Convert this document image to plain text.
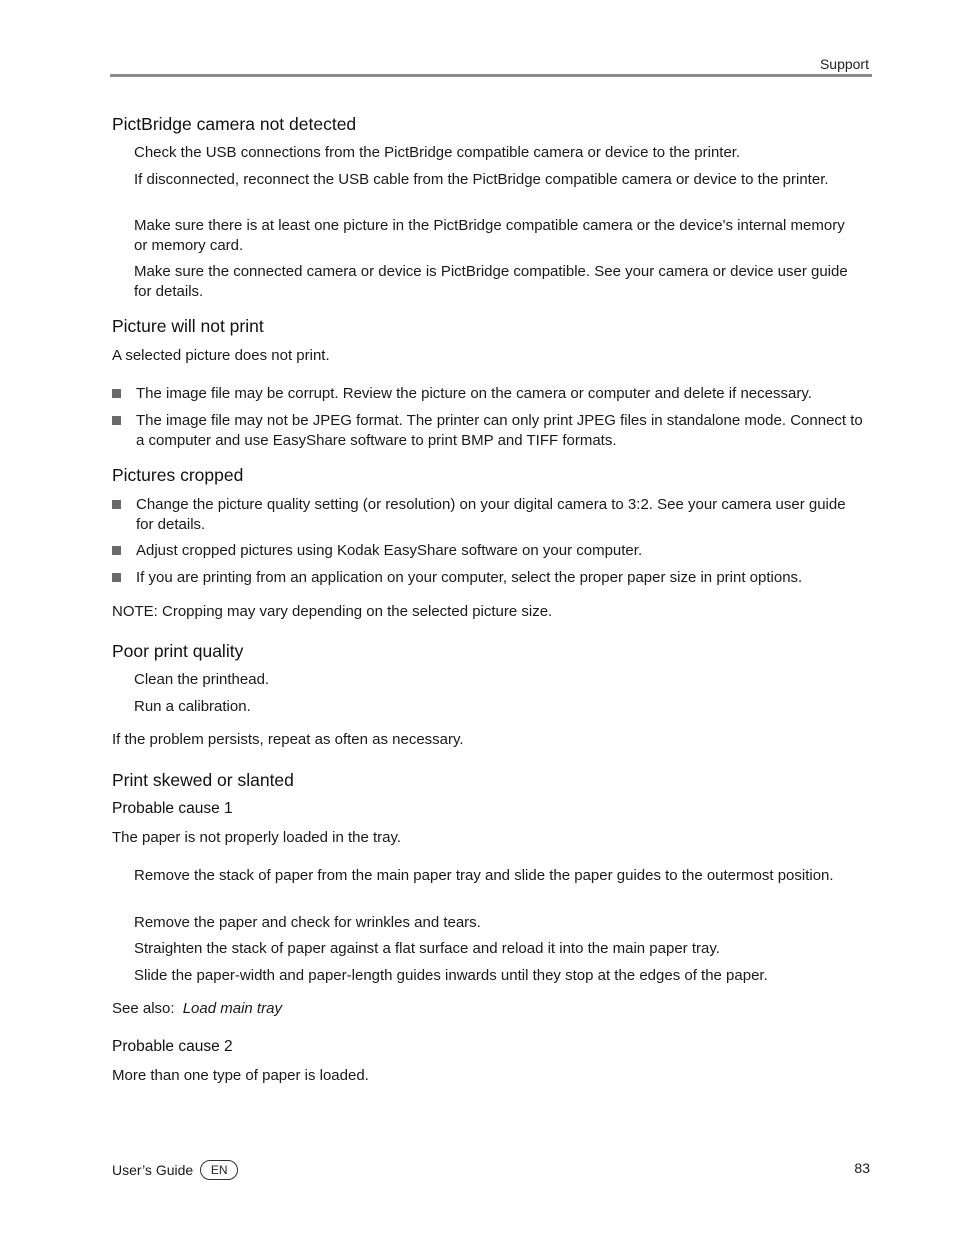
Support
PictBridge camera not detected
Check the USB connections from the PictBridge compatible camera or device to the printer.
If disconnected, reconnect the USB cable from the PictBridge compatible camera or device to the printer.
Make sure there is at least one picture in the PictBridge compatible camera or the device's internal memory or memory card.
Make sure the connected camera or device is PictBridge compatible. See your camera or device user guide for details.
Picture will not print
A selected picture does not print.
The image file may be corrupt. Review the picture on the camera or computer and delete if necessary.
The image file may not be JPEG format. The printer can only print JPEG files in standalone mode. Connect to a computer and use EasyShare software to print BMP and TIFF formats.
Pictures cropped
Change the picture quality setting (or resolution) on your digital camera to 3:2. See your camera user guide for details.
Adjust cropped pictures using Kodak EasyShare software on your computer.
If you are printing from an application on your computer, select the proper paper size in print options.
NOTE: Cropping may vary depending on the selected picture size.
Poor print quality
Clean the printhead.
Run a calibration.
If the problem persists, repeat as often as necessary.
Print skewed or slanted
Probable cause 1
The paper is not properly loaded in the tray.
Remove the stack of paper from the main paper tray and slide the paper guides to the outermost position.
Remove the paper and check for wrinkles and tears.
Straighten the stack of paper against a flat surface and reload it into the main paper tray.
Slide the paper-width and paper-length guides inwards until they stop at the edges of the paper.
See also: Load main tray
Probable cause 2
More than one type of paper is loaded.
User’s Guide	EN	83
